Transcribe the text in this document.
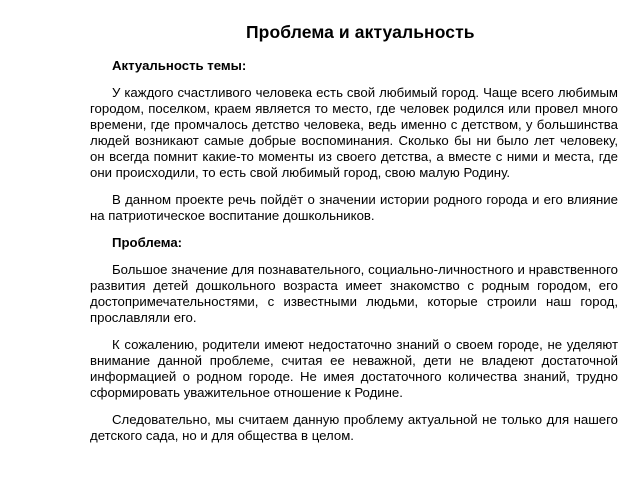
Проблема и актуальность

Актуальность темы:

У каждого счастливого человека есть свой любимый город. Чаще всего любимым городом, поселком, краем является то место, где человек родился или провел много времени, где промчалось детство человека, ведь именно с детством, у большинства людей возникают самые добрые воспоминания. Сколько бы ни было лет человеку, он всегда помнит какие-то моменты из своего детства, а вместе с ними и места, где они происходили, то есть свой любимый город, свою малую Родину.

В данном проекте речь пойдёт о значении истории родного города и его влияние на патриотическое воспитание дошкольников.

Проблема:

Большое значение для познавательного, социально-личностного и нравственного развития детей дошкольного возраста имеет знакомство с родным городом, его достопримечательностями, с известными людьми, которые строили наш город, прославляли его.

К сожалению, родители имеют недостаточно знаний о своем городе, не уделяют внимание данной проблеме, считая ее неважной, дети не владеют достаточной информацией о родном городе. Не имея достаточного количества знаний, трудно сформировать уважительное отношение к Родине.

Следовательно, мы считаем данную проблему актуальной не только для нашего детского сада, но и для общества в целом.
